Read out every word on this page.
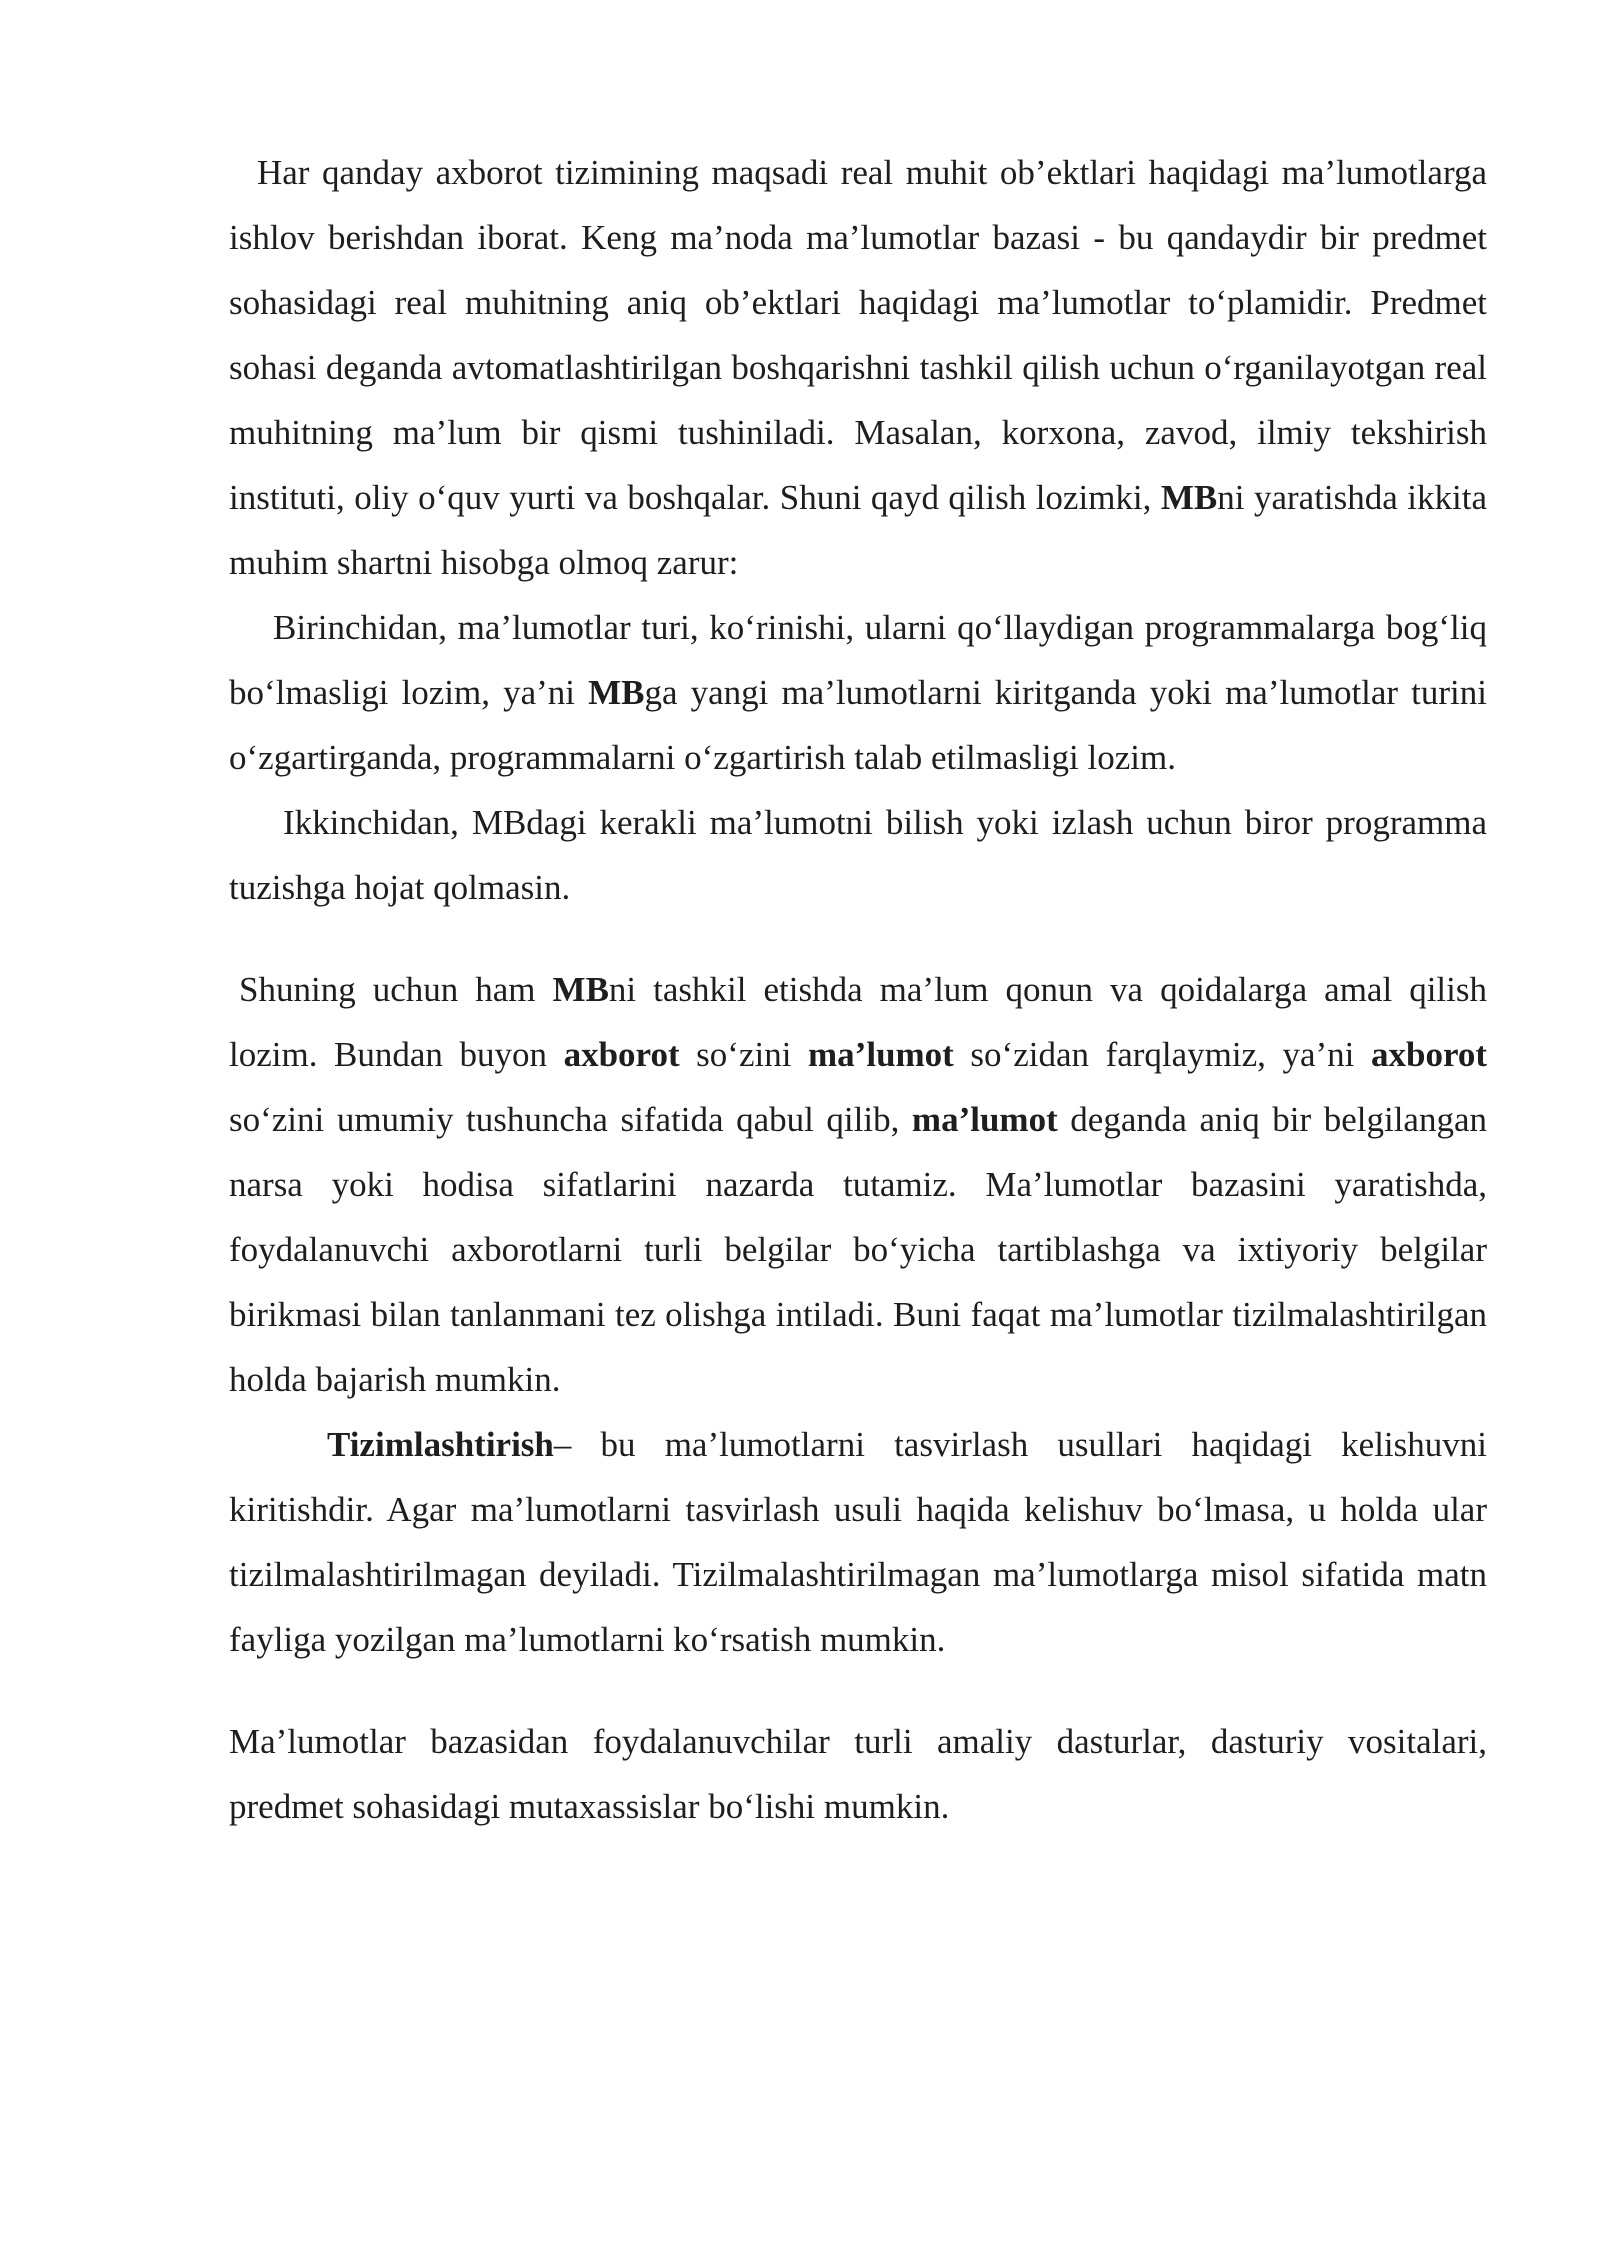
Har qanday axborot tizimining maqsadi real muhit ob’ektlari haqidagi ma’lumotlarga ishlov berishdan iborat. Keng ma’noda ma’lumotlar bazasi - bu qandaydir bir predmet sohasidagi real muhitning aniq ob’ektlari haqidagi ma’lumotlar to‘plamidir. Predmet sohasi deganda avtomatlashtirilgan boshqarishni tashkil qilish uchun o‘rganilayotgan real muhitning ma’lum bir qismi tushiniladi. Masalan, korxona, zavod, ilmiy tekshirish instituti, oliy o‘quv yurti va boshqalar. Shuni qayd qilish lozimki, MBni yaratishda ikkita muhim shartni hisobga olmoq zarur:

Birinchidan, ma’lumotlar turi, ko‘rinishi, ularni qo‘llaydigan programmalarga bog‘liq bo‘lmasligi lozim, ya’ni MBga yangi ma’lumotlarni kiritganda yoki ma’lumotlar turini o‘zgartirganda, programmalarni o‘zgartirish talab etilmasligi lozim.

Ikkinchidan, MBdagi kerakli ma’lumotni bilish yoki izlash uchun biror programma tuzishga hojat qolmasin.

Shuning uchun ham MBni tashkil etishda ma’lum qonun va qoidalarga amal qilish lozim. Bundan buyon axborot so‘zini ma’lumot so‘zidan farqlaymiz, ya’ni axborot so‘zini umumiy tushuncha sifatida qabul qilib, ma’lumot deganda aniq bir belgilangan narsa yoki hodisa sifatlarini nazarda tutamiz. Ma’lumotlar bazasini yaratishda, foydalanuvchi axborotlarni turli belgilar bo‘yicha tartiblashga va ixtiyoriy belgilar birikmasi bilan tanlanmani tez olishga intiladi. Buni faqat ma’lumotlar tizilmalashtirilgan holda bajarish mumkin.

Tizimlashtirish– bu ma’lumotlarni tasvirlash usullari haqidagi kelishuvni kiritishdir. Agar ma’lumotlarni tasvirlash usuli haqida kelishuv bo‘lmasa, u holda ular tizilmalashtirilmagan deyiladi. Tizilmalashtirilmagan ma’lumotlarga misol sifatida matn fayliga yozilgan ma’lumotlarni ko‘rsatish mumkin.

Ma’lumotlar bazasidan foydalanuvchilar turli amaliy dasturlar, dasturiy vositalari, predmet sohasidagi mutaxassislar bo‘lishi mumkin.
